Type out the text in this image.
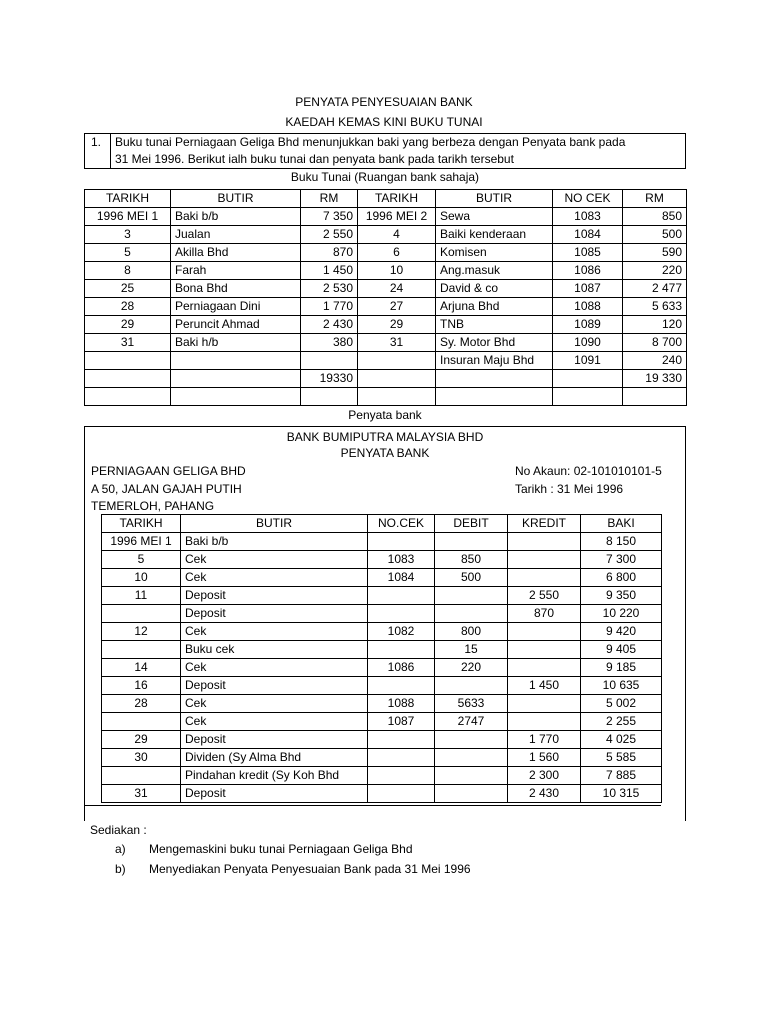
PENYATA PENYESUAIAN BANK
KAEDAH KEMAS KINI BUKU TUNAI
1. Buku tunai Perniagaan Geliga Bhd menunjukkan baki yang berbeza dengan Penyata bank pada
31 Mei 1996. Berikut ialh buku tunai dan penyata bank pada tarikh tersebut
Buku Tunai (Ruangan bank sahaja)
TARIKH	BUTIR	RM	TARIKH	BUTIR	NO CEK	RM
1996 MEI 1	Baki b/b	7 350	1996 MEI 2	Sewa	1083	850
3	Jualan	2 550	4	Baiki kenderaan	1084	500
5	Akilla Bhd	870	6	Komisen	1085	590
8	Farah	1 450	10	Ang.masuk	1086	220
25	Bona Bhd	2 530	24	David & co	1087	2 477
28	Perniagaan Dini	1 770	27	Arjuna Bhd	1088	5 633
29	Peruncit Ahmad	2 430	29	TNB	1089	120
31	Baki h/b	380	31	Sy. Motor Bhd	1090	8 700
				Insuran Maju Bhd	1091	240
		19330				19 330

Penyata bank
BANK BUMIPUTRA MALAYSIA BHD
PENYATA BANK
PERNIAGAAN GELIGA BHD
A 50, JALAN GAJAH PUTIH
TEMERLOH, PAHANG
No Akaun: 02-101010101-5
Tarikh : 31 Mei 1996
TARIKH	BUTIR	NO.CEK	DEBIT	KREDIT	BAKI
1996 MEI 1	Baki b/b				8 150
5	Cek	1083	850		7 300
10	Cek	1084	500		6 800
11	Deposit			2 550	9 350
	Deposit			870	10 220
12	Cek	1082	800		9 420
	Buku cek		15		9 405
14	Cek	1086	220		9 185
16	Deposit			1 450	10 635
28	Cek	1088	5633		5 002
	Cek	1087	2747		2 255
29	Deposit			1 770	4 025
30	Dividen (Sy Alma Bhd			1 560	5 585
	Pindahan kredit (Sy Koh Bhd			2 300	7 885
31	Deposit			2 430	10 315
Sediakan :
a) Mengemaskini buku tunai Perniagaan Geliga Bhd
b) Menyediakan Penyata Penyesuaian Bank pada 31 Mei 1996
